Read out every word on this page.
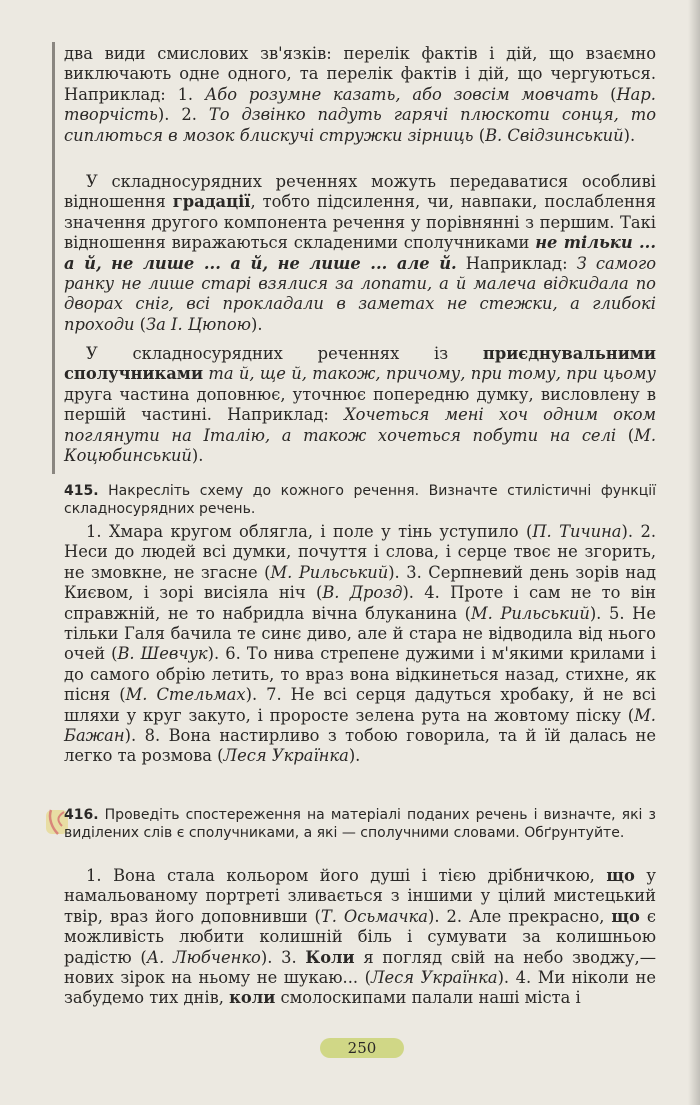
два види смислових зв'язків: перелік фактів і дій, що взаємно виключають одне одного, та перелік фактів і дій, що чергуються. Наприклад: 1. Або розумне казать, або зовсім мовчать (Нар. творчість). 2. То дзвінко падуть гарячі плюскоти сонця, то сиплються в мозок блискучі стружки зірниць (В. Свідзинський).

У складносурядних реченнях можуть передаватися особливі відношення градації, тобто підсилення, чи, навпаки, послаблення значення другого компонента речення у порівнянні з першим. Такі відношення виражаються складеними сполучниками не тільки ... а й, не лише ... а й, не лише ... але й. Наприклад: З самого ранку не лише старі взялися за лопати, а й малеча відкидала по дворах сніг, всі прокладали в заметах не стежки, а глибокі проходи (За І. Цюпою).

У складносурядних реченнях із приєднувальними сполучниками та й, ще й, також, причому, при тому, при цьому друга частина доповнює, уточнює попередню думку, висловлену в першій частині. Наприклад: Хочеться мені хоч одним оком поглянути на Італію, а також хочеться побути на селі (М. Коцюбинський).

415. Накресліть схему до кожного речення. Визначте стилістичні функції складносурядних речень.

1. Хмара кругом облягла, і поле у тінь уступило (П. Тичина). 2. Неси до людей всі думки, почуття і слова, і серце твоє не згорить, не змовкне, не згасне (М. Рильський). 3. Серпневий день зорів над Києвом, і зорі висіяла ніч (В. Дрозд). 4. Проте і сам не то він справжній, не то набридла вічна блуканина (М. Рильський). 5. Не тільки Галя бачила те синє диво, але й стара не відводила від нього очей (В. Шевчук). 6. То нива стрепене дужими і м'якими крилами і до самого обрію летить, то враз вона відкинеться назад, стихне, як пісня (М. Стельмах). 7. Не всі серця дадуться хробаку, й не всі шляхи у круг закуто, і проросте зелена рута на жовтому піску (М. Бажан). 8. Вона настирливо з тобою говорила, та й їй далась не легко та розмова (Леся Українка).

416. Проведіть спостереження на матеріалі поданих речень і визначте, які з виділених слів є сполучниками, а які — сполучними словами. Обґрунтуйте.

1. Вона стала кольором його душі і тією дрібничкою, що у намальованому портреті зливається з іншими у цілий мистецький твір, враз його доповнивши (Т. Осьмачка). 2. Але прекрасно, що є можливість любити колишній біль і сумувати за колишньою радістю (А. Любченко). 3. Коли я погляд свій на небо зводжу,— нових зірок на ньому не шукаю... (Леся Українка). 4. Ми ніколи не забудемо тих днів, коли смолоскипами палали наші міста і

250
